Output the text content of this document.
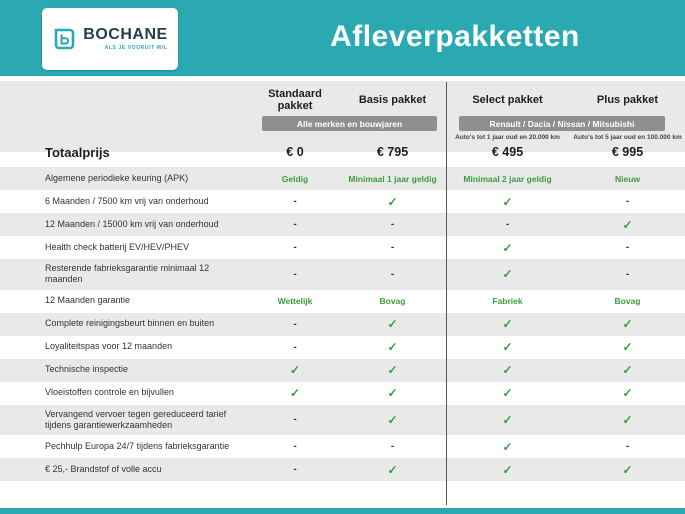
Afleverpakketten
BOCHANE
ALS JE VOORUIT WIL
Standaard pakket	Basis pakket	Select pakket	Plus pakket
Alle merken en bouwjaren	Renault / Dacia / Nissan / Mitsubishi
Auto's tot 1 jaar oud en 20.000 km	Auto's tot 5 jaar oud en 100.000 km
Totaalprijs	€ 0	€ 795	€ 495	€ 995
Algemene periodieke keuring (APK)	Geldig	Minimaal 1 jaar geldig	Minimaal 2 jaar geldig	Nieuw
6 Maanden / 7500 km vrij van onderhoud	-	✓	✓	-
12 Maanden / 15000 km vrij van onderhoud	-	-	-	✓
Health check batterij EV/HEV/PHEV	-	-	✓	-
Resterende fabrieksgarantie minimaal 12 maanden	-	-	✓	-
12 Maanden garantie	Wettelijk	Bovag	Fabriek	Bovag
Complete reinigingsbeurt binnen en buiten	-	✓	✓	✓
Loyaliteitspas voor 12 maanden	-	✓	✓	✓
Technische inspectie	✓	✓	✓	✓
Vloeistoffen controle en bijvullen	✓	✓	✓	✓
Vervangend vervoer tegen gereduceerd tarief tijdens garantiewerkzaamheden	-	✓	✓	✓
Pechhulp Europa 24/7 tijdens fabrieksgarantie	-	-	✓	-
€ 25,- Brandstof of volle accu	-	✓	✓	✓
